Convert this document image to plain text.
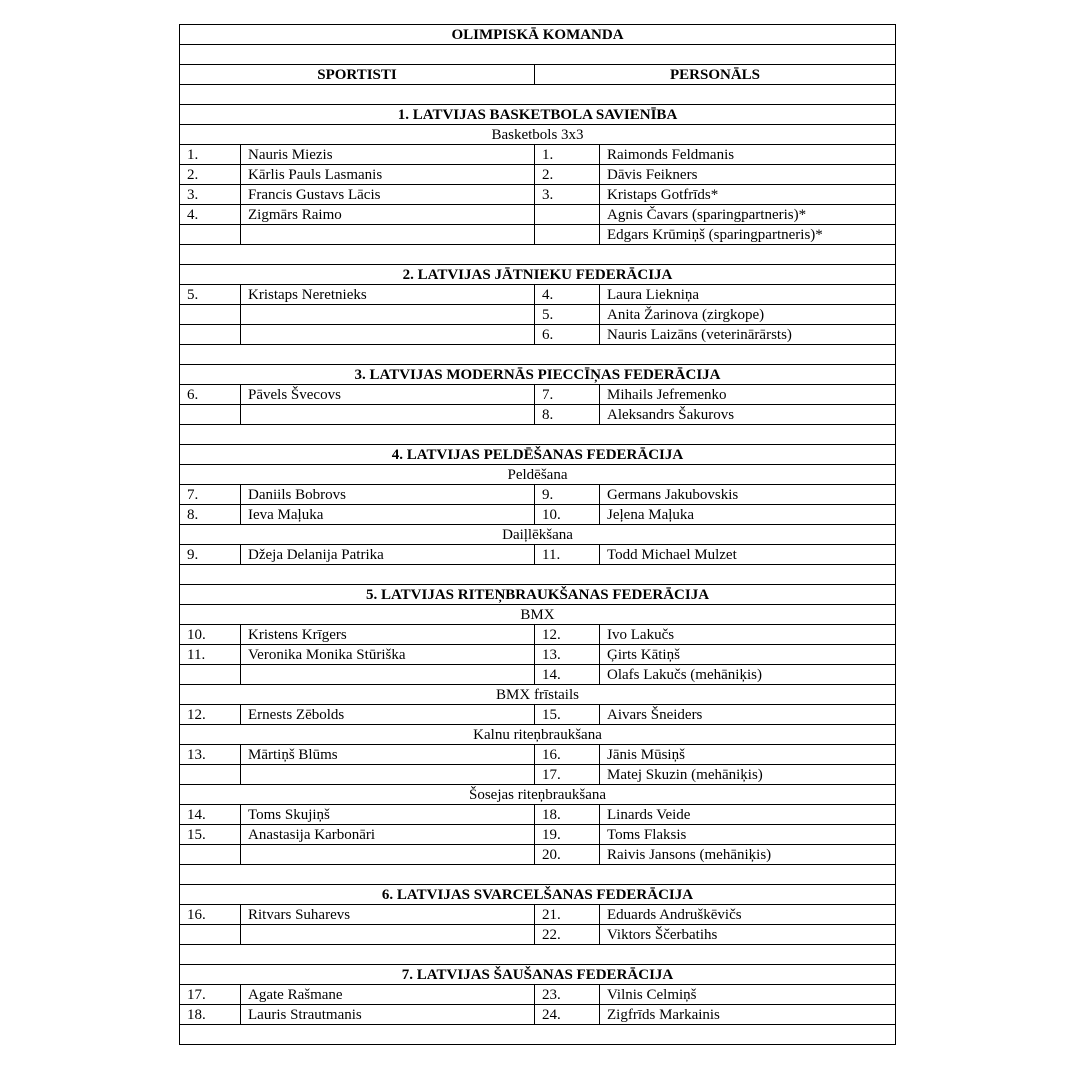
OLIMPISKĀ KOMANDA			

SPORTISTI		PERSONĀLS	

1. LATVIJAS BASKETBOLA SAVIENĪBA			
Basketbols 3x3			
1.	Nauris Miezis	1.	Raimonds Feldmanis
2.	Kārlis Pauls Lasmanis	2.	Dāvis Feikners
3.	Francis Gustavs Lācis	3.	Kristaps Gotfrīds*
4.	Zigmārs Raimo		Agnis Čavars (sparingpartneris)*
			Edgars Krūmiņš (sparingpartneris)*

2. LATVIJAS JĀTNIEKU FEDERĀCIJA			
5.	Kristaps Neretnieks	4.	Laura Liekniņa
		5.	Anita Žarinova (zirgkope)
		6.	Nauris Laizāns (veterinārārsts)

3. LATVIJAS MODERNĀS PIECCĪŅAS FEDERĀCIJA			
6.	Pāvels Švecovs	7.	Mihails Jefremenko
		8.	Aleksandrs Šakurovs

4. LATVIJAS PELDĒŠANAS FEDERĀCIJA			
Peldēšana			
7.	Daniils Bobrovs	9.	Germans Jakubovskis
8.	Ieva Maļuka	10.	Jeļena Maļuka
Daiļlēkšana			
9.	Džeja Delanija Patrika	11.	Todd Michael Mulzet

5. LATVIJAS RITEŅBRAUKŠANAS FEDERĀCIJA			
BMX			
10.	Kristens Krīgers	12.	Ivo Lakučs
11.	Veronika Monika Stūriška	13.	Ģirts Kātiņš
		14.	Olafs Lakučs (mehāniķis)
BMX frīstails			
12.	Ernests Zēbolds	15.	Aivars Šneiders
Kalnu riteņbraukšana			
13.	Mārtiņš Blūms	16.	Jānis Mūsiņš
		17.	Matej Skuzin (mehāniķis)
Šosejas riteņbraukšana			
14.	Toms Skujiņš	18.	Linards Veide
15.	Anastasija Karbonāri	19.	Toms Flaksis
		20.	Raivis Jansons (mehāniķis)

6. LATVIJAS SVARCELŠANAS FEDERĀCIJA			
16.	Ritvars Suharevs	21.	Eduards Andruškēvičs
		22.	Viktors Ščerbatihs

7. LATVIJAS ŠAUŠANAS FEDERĀCIJA			
17.	Agate Rašmane	23.	Vilnis Celmiņš
18.	Lauris Strautmanis	24.	Zigfrīds Markainis
